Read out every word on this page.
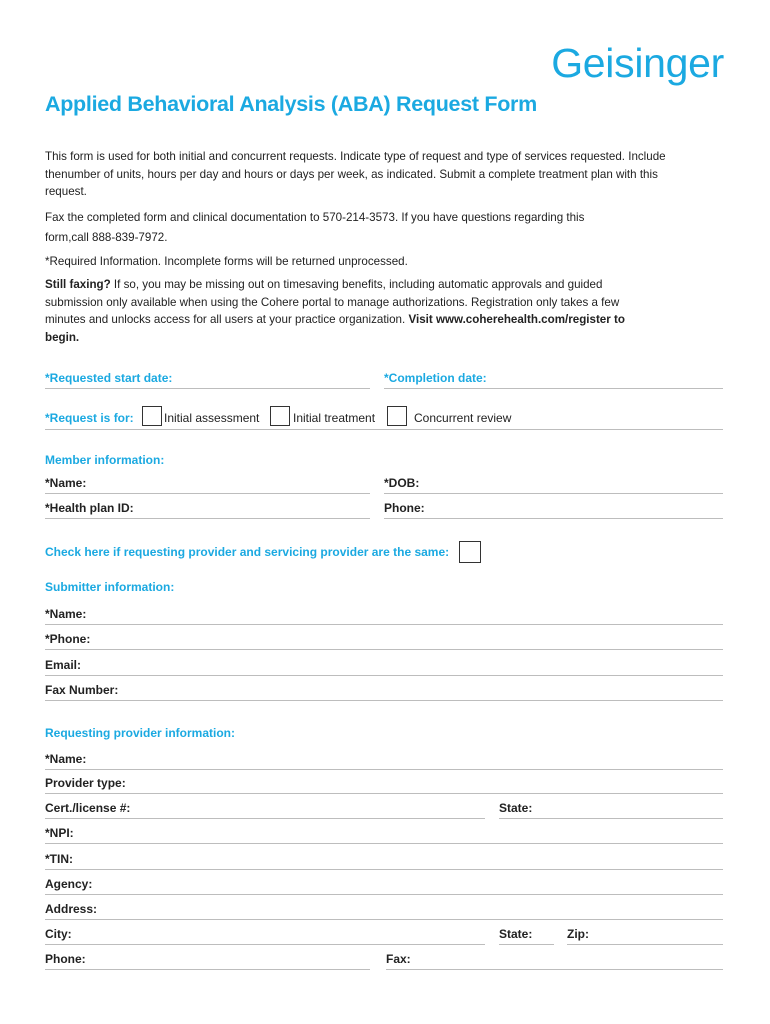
Geisinger
Applied Behavioral Analysis (ABA) Request Form
This form is used for both initial and concurrent requests. Indicate type of request and type of services requested. Include
thenumber of units, hours per day and hours or days per week, as indicated. Submit a complete treatment plan with this
request.
Fax the completed form and clinical documentation to 570-214-3573. If you have questions regarding this
form,call 888-839-7972.
*Required Information. Incomplete forms will be returned unprocessed.
Still faxing? If so, you may be missing out on timesaving benefits, including automatic approvals and guided
submission only available when using the Cohere portal to manage authorizations. Registration only takes a few
minutes and unlocks access for all users at your practice organization. Visit www.coherehealth.com/register to
begin.
*Requested start date:	*Completion date:
*Request is for:	Initial assessment	Initial treatment	Concurrent review
Member information:
*Name:	*DOB:
*Health plan ID:	Phone:
Check here if requesting provider and servicing provider are the same:
Submitter information:
*Name:
*Phone:
Email:
Fax Number:
Requesting provider information:
*Name:
Provider type:
Cert./license #:	State:
*NPI:
*TIN:
Agency:
Address:
City:	State:	Zip:
Phone:	Fax:
